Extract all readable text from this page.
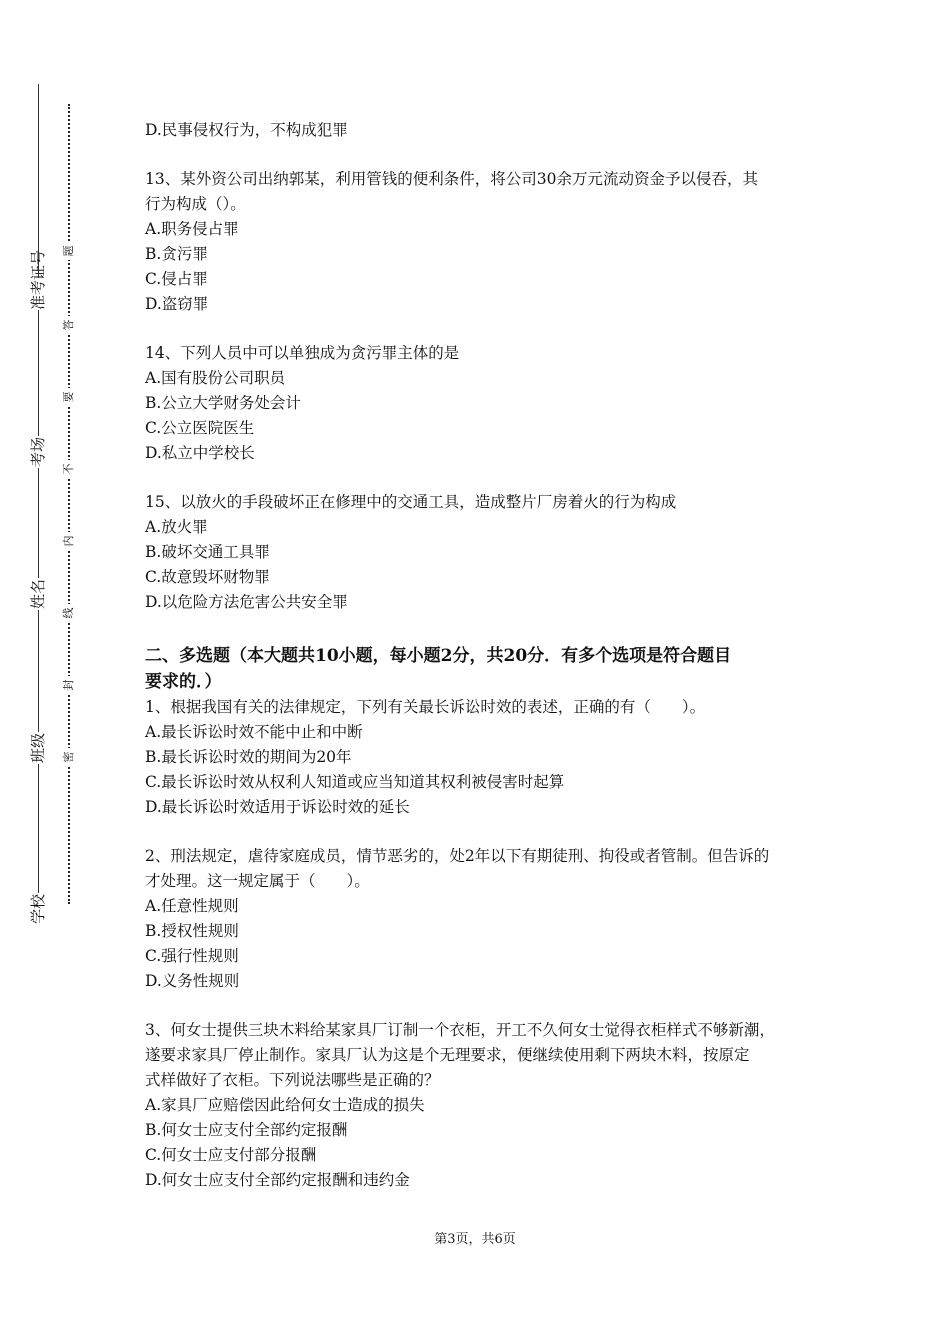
准考证号
考场
姓名
班级
学校
题
答
要
不
内
线
封
密
D.民事侵权行为，不构成犯罪
13、某外资公司出纳郭某，利用管钱的便利条件，将公司30余万元流动资金予以侵吞，其
行为构成（）。
A.职务侵占罪
B.贪污罪
C.侵占罪
D.盗窃罪
14、下列人员中可以单独成为贪污罪主体的是
A.国有股份公司职员
B.公立大学财务处会计
C.公立医院医生
D.私立中学校长
15、以放火的手段破坏正在修理中的交通工具，造成整片厂房着火的行为构成
A.放火罪
B.破坏交通工具罪
C.故意毁坏财物罪
D.以危险方法危害公共安全罪
二、多选题（本大题共10小题，每小题2分，共20分．有多个选项是符合题目
要求的．）
1、根据我国有关的法律规定，下列有关最长诉讼时效的表述，正确的有（　　）。
A.最长诉讼时效不能中止和中断
B.最长诉讼时效的期间为20年
C.最长诉讼时效从权利人知道或应当知道其权利被侵害时起算
D.最长诉讼时效适用于诉讼时效的延长
2、刑法规定，虐待家庭成员，情节恶劣的，处2年以下有期徒刑、拘役或者管制。但告诉的
才处理。这一规定属于（　　）。
A.任意性规则
B.授权性规则
C.强行性规则
D.义务性规则
3、何女士提供三块木料给某家具厂订制一个衣柜，开工不久何女士觉得衣柜样式不够新潮，
遂要求家具厂停止制作。家具厂认为这是个无理要求，便继续使用剩下两块木料，按原定
式样做好了衣柜。下列说法哪些是正确的？
A.家具厂应赔偿因此给何女士造成的损失
B.何女士应支付全部约定报酬
C.何女士应支付部分报酬
D.何女士应支付全部约定报酬和违约金
第3页，共6页
